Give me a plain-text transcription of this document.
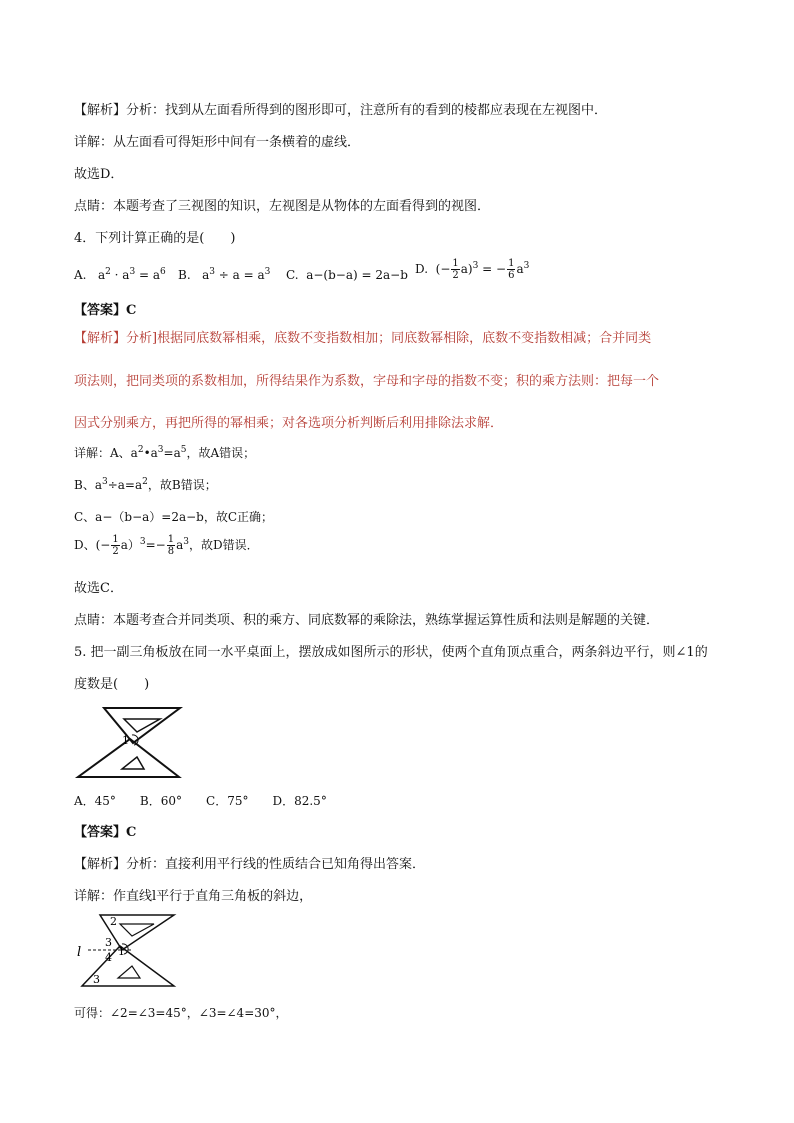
【解析】分析：找到从左面看所得到的图形即可，注意所有的看到的棱都应表现在左视图中．
详解：从左面看可得矩形中间有一条横着的虚线．
故选D．
点睛：本题考查了三视图的知识，左视图是从物体的左面看得到的视图．
4．下列计算正确的是(　　)
A. $a^2 \cdot a^3 = a^6$ B. $a^3 \div a = a^3$ C. a−(b−a) = 2a−b D. (− $\frac{1}{2} a)^3$ = − $\frac{1}{6} a^3$
【答案】C
【解析】分析]根据同底数幂相乘，底数不变指数相加；同底数幂相除，底数不变指数相减；合并同类
项法则，把同类项的系数相加，所得结果作为系数，字母和字母的指数不变；积的乘方法则：把每一个
因式分别乘方，再把所得的幂相乘；对各选项分析判断后利用排除法求解．
详解：A、$a^2•a^3=a^5$，故A错误；
B、$a^3\div a=a^2$，故B错误；
C、a−（b−a）=2a−b，故C正确；
D、(− $\frac{1}{2} a)^3=- \frac{1}{8} a^3$，故D错误．
故选C．
点睛：本题考查合并同类项、积的乘方、同底数幂的乘除法，熟练掌握运算性质和法则是解题的关键．
5. 把一副三角板放在同一水平桌面上，摆放成如图所示的形状，使两个直角顶点重合，两条斜边平行，则∠1的
度数是(　　)
1
A．45°　　B．60°　　C．75°　　D．82.5°
【答案】C
【解析】分析：直接利用平行线的性质结合已知角得出答案．
详解：作直线l平行于直角三角板的斜边，
l
2
3
4 1
3
可得：∠2=∠3=45°，∠3=∠4=30°，
